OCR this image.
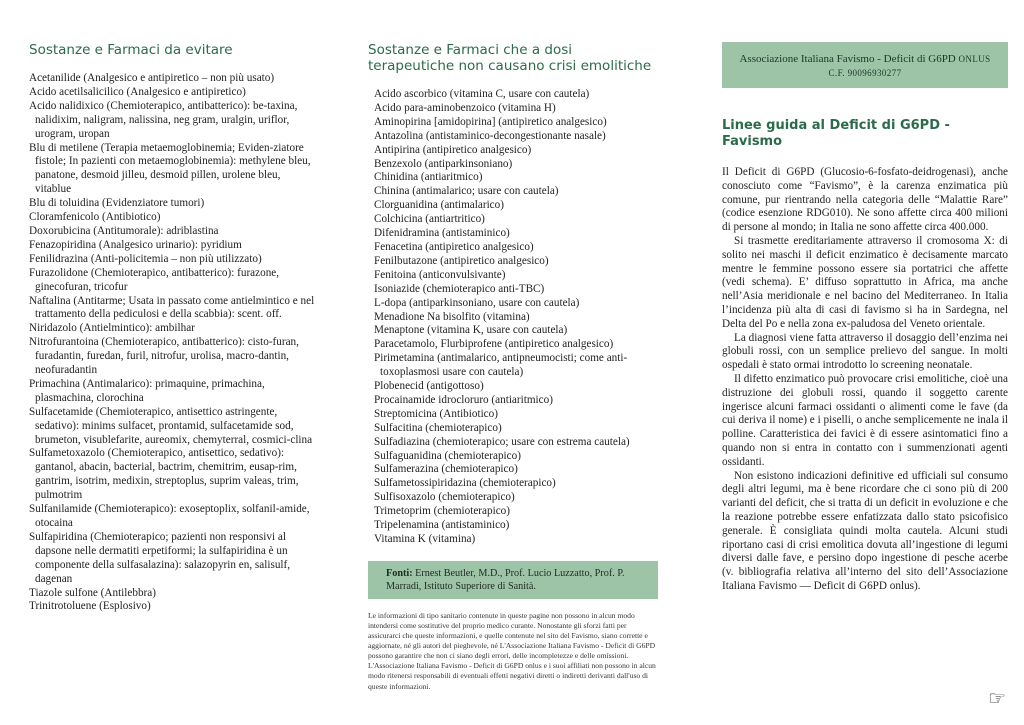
Sostanze e Farmaci da evitare
Acetanilide (Analgesico e antipiretico – non più usato)
Acido acetilsalicilico (Analgesico e antipiretico)
Acido nalidixico (Chemioterapico, antibatterico): be-taxina, nalidixim, naligram, nalissina, neg gram, uralgin, uriflor, urogram, uropan
Blu di metilene (Terapia metaemoglobinemia; Eviden-ziatore fistole; In pazienti con metaemoglobinemia): methylene bleu, panatone, desmoid jilleu, desmoid pillen, urolene bleu, vitablue
Blu di toluidina (Evidenziatore tumori)
Cloramfenicolo (Antibiotico)
Doxorubicina (Antitumorale): adriblastina
Fenazopiridina (Analgesico urinario): pyridium
Fenilidrazina (Anti-policitemia – non più utilizzato)
Furazolidone (Chemioterapico, antibatterico): furazone, ginecofuran, tricofur
Naftalina (Antitarme; Usata in passato come antielmintico e nel trattamento della pediculosi e della scabbia): scent. off.
Niridazolo (Antielmintico): ambilhar
Nitrofurantoina (Chemioterapico, antibatterico): cisto-furan, furadantin, furedan, furil, nitrofur, urolisa, macro-dantin, neofuradantin
Primachina (Antimalarico): primaquine, primachina, plasmachina, clorochina
Sulfacetamide (Chemioterapico, antisettico astringente, sedativo): minims sulfacet, prontamid, sulfacetamide sod, brumeton, visublefarite, aureomix, chemyterral, cosmici-clina
Sulfametoxazolo (Chemioterapico, antisettico, sedativo): gantanol, abacin, bacterial, bactrim, chemitrim, eusap-rim, gantrim, isotrim, medixin, streptoplus, suprim valeas, trim, pulmotrim
Sulfanilamide (Chemioterapico): exoseptoplix, solfanil-amide, otocaina
Sulfapiridina (Chemioterapico; pazienti non responsivi al dapsone nelle dermatiti erpetiformi; la sulfapiridina è un componente della sulfasalazina): salazopyrin en, salisulf, dagenan
Tiazole sulfone (Antilebbra)
Trinitrotoluene (Esplosivo)
Sostanze e Farmaci che a dosi terapeutiche non causano crisi emolitiche
Acido ascorbico (vitamina C, usare con cautela)
Acido para-aminobenzoico (vitamina H)
Aminopirina [amidopirina] (antipiretico analgesico)
Antazolina (antistaminico-decongestionante nasale)
Antipirina (antipiretico analgesico)
Benzexolo (antiparkinsoniano)
Chinidina (antiaritmico)
Chinina (antimalarico; usare con cautela)
Clorguanidina (antimalarico)
Colchicina (antiartritico)
Difenidramina (antistaminico)
Fenacetina (antipiretico analgesico)
Fenilbutazone (antipiretico analgesico)
Fenitoina (anticonvulsivante)
Isoniazide (chemioterapico anti-TBC)
L-dopa (antiparkinsoniano, usare con cautela)
Menadione Na bisolfito (vitamina)
Menaptone (vitamina K, usare con cautela)
Paracetamolo, Flurbiprofene (antipiretico analgesico)
Pirimetamina (antimalarico, antipneumocisti; come anti-toxoplasmosi usare con cautela)
Plobenecid (antigottoso)
Procainamide idrocloruro (antiaritmico)
Streptomicina (Antibiotico)
Sulfacitina (chemioterapico)
Sulfadiazina (chemioterapico; usare con estrema cautela)
Sulfaguanidina (chemioterapico)
Sulfamerazina (chemioterapico)
Sulfametossipiridazina (chemioterapico)
Sulfisoxazolo (chemioterapico)
Trimetoprim (chemioterapico)
Tripelenamina (antistaminico)
Vitamina K (vitamina)
Fonti: Ernest Beutler, M.D., Prof. Lucio Luzzatto, Prof. P. Marradi, Istituto Superiore di Sanità.
Le informazioni di tipo sanitario contenute in queste pagine non possono in alcun modo intendersi come sostitutive del proprio medico curante. Nonostante gli sforzi fatti per assicurarci che queste informazioni, e quelle contenute nel sito del Favismo, siano corrette e aggiornate, né gli autori del pieghevole, né L'Associazione Italiana Favismo - Deficit di G6PD possono garantire che non ci siano degli errori, delle incompletezze e delle omissioni. L'Associazione Italiana Favismo - Deficit di G6PD onlus e i suoi affiliati non possono in alcun modo ritenersi responsabili di eventuali effetti negativi diretti o indiretti derivanti dall'uso di queste informazioni.
Associazione Italiana Favismo - Deficit di G6PD ONLUS
C.F. 90096930277
Linee guida al Deficit di G6PD - Favismo

Il Deficit di G6PD (Glucosio-6-fosfato-deidrogenasi), anche conosciuto come “Favismo”, è la carenza enzimatica più comune, pur rientrando nella categoria delle “Malattie Rare” (codice esenzione RDG010). Ne sono affette circa 400 milioni di persone al mondo; in Italia ne sono affette circa 400.000.

Si trasmette ereditariamente attraverso il cromosoma X: di solito nei maschi il deficit enzimatico è decisamente marcato mentre le femmine possono essere sia portatrici che affette (vedi schema). E’ diffuso soprattutto in Africa, ma anche nell’Asia meridionale e nel bacino del Mediterraneo. In Italia l’incidenza più alta di casi di favismo si ha in Sardegna, nel Delta del Po e nella zona ex-paludosa del Veneto orientale.

La diagnosi viene fatta attraverso il dosaggio dell’enzima nei globuli rossi, con un semplice prelievo del sangue. In molti ospedali è stato ormai introdotto lo screening neonatale.

Il difetto enzimatico può provocare crisi emolitiche, cioè una distruzione dei globuli rossi, quando il soggetto carente ingerisce alcuni farmaci ossidanti o alimenti come le fave (da cui deriva il nome) e i piselli, o anche semplicemente ne inala il polline. Caratteristica dei favici è di essere asintomatici fino a quando non si entra in contatto con i summenzionati agenti ossidanti.

Non esistono indicazioni definitive ed ufficiali sul consumo degli altri legumi, ma è bene ricordare che ci sono più di 200 varianti del deficit, che si tratta di un deficit in evoluzione e che la reazione potrebbe essere enfatizzata dallo stato psicofisico generale. È consigliata quindi molta cautela. Alcuni studi riportano casi di crisi emolitica dovuta all’ingestione di legumi diversi dalle fave, e persino dopo ingestione di pesche acerbe (v. bibliografia relativa all’interno del sito dell’Associazione Italiana Favismo — Deficit di G6PD onlus).

☞
